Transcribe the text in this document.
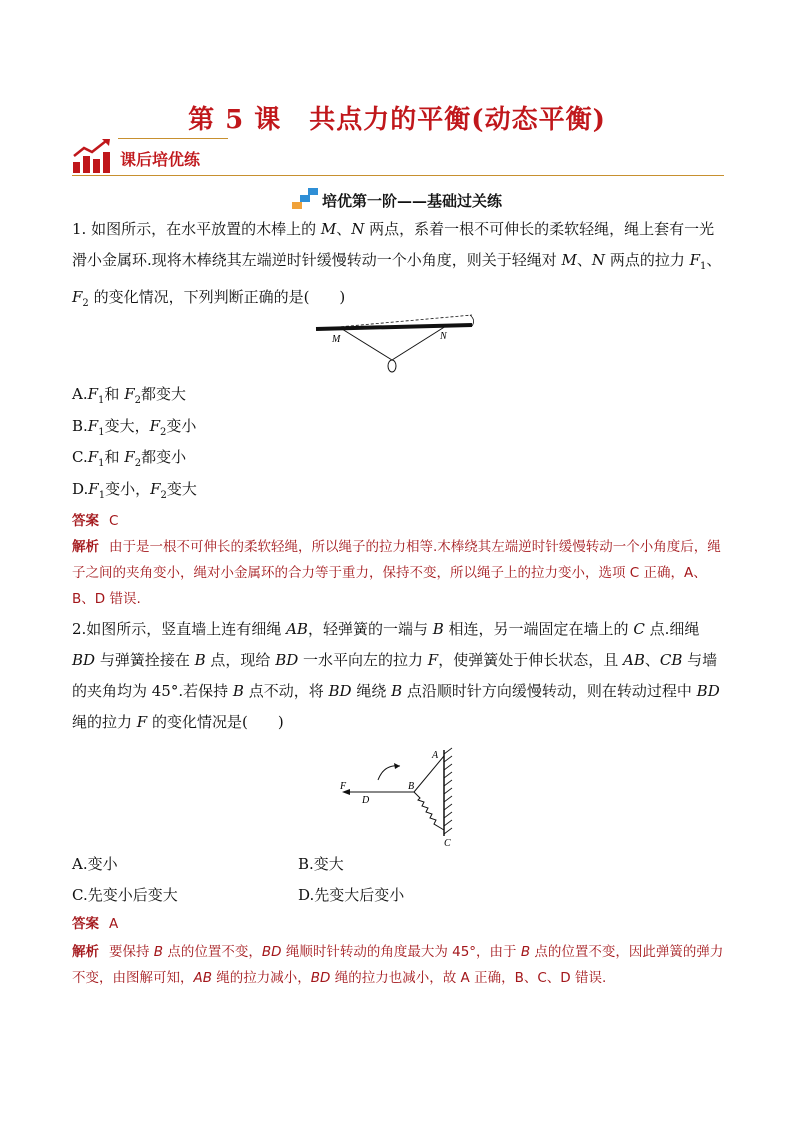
第 5 课 共点力的平衡(动态平衡)
课后培优练
培优第一阶——基础过关练
1. 如图所示，在水平放置的木棒上的 M、N 两点，系着一根不可伸长的柔软轻绳，绳上套有一光滑小金属环.现将木棒绕其左端逆时针缓慢转动一个小角度，则关于轻绳对 M、N 两点的拉力 $F_1$、$F_2$ 的变化情况，下列判断正确的是(　　)
M	N
$A.F_1$和 $F_2$都变大
$B.F_1$变大，$F_2$变小
$C.F_1$和 $F_2$都变小
$D.F_1$变小，$F_2$变大
答案 C
解析 由于是一根不可伸长的柔软轻绳，所以绳子的拉力相等.木棒绕其左端逆时针缓慢转动一个小角度后，绳子之间的夹角变小，绳对小金属环的合力等于重力，保持不变，所以绳子上的拉力变小，选项 C 正确，A、B、D 错误.
2.如图所示，竖直墙上连有细绳 AB，轻弹簧的一端与 B 相连，另一端固定在墙上的 C 点.细绳 BD 与弹簧拴接在 B 点，现给 BD 一水平向左的拉力 F，使弹簧处于伸长状态，且 AB、CB 与墙的夹角均为 45°.若保持 B 点不动，将 BD 绳绕 B 点沿顺时针方向缓慢转动，则在转动过程中 BD 绳的拉力 F 的变化情况是(　　)
A
B
C
D
F
A.变小	B.变大
C.先变小后变大	D.先变大后变小
答案 A
解析 要保持 B 点的位置不变，BD 绳顺时针转动的角度最大为 45°，由于 B 点的位置不变，因此弹簧的弹力不变，由图解可知，AB 绳的拉力减小，BD 绳的拉力也减小，故 A 正确，B、C、D 错误.
